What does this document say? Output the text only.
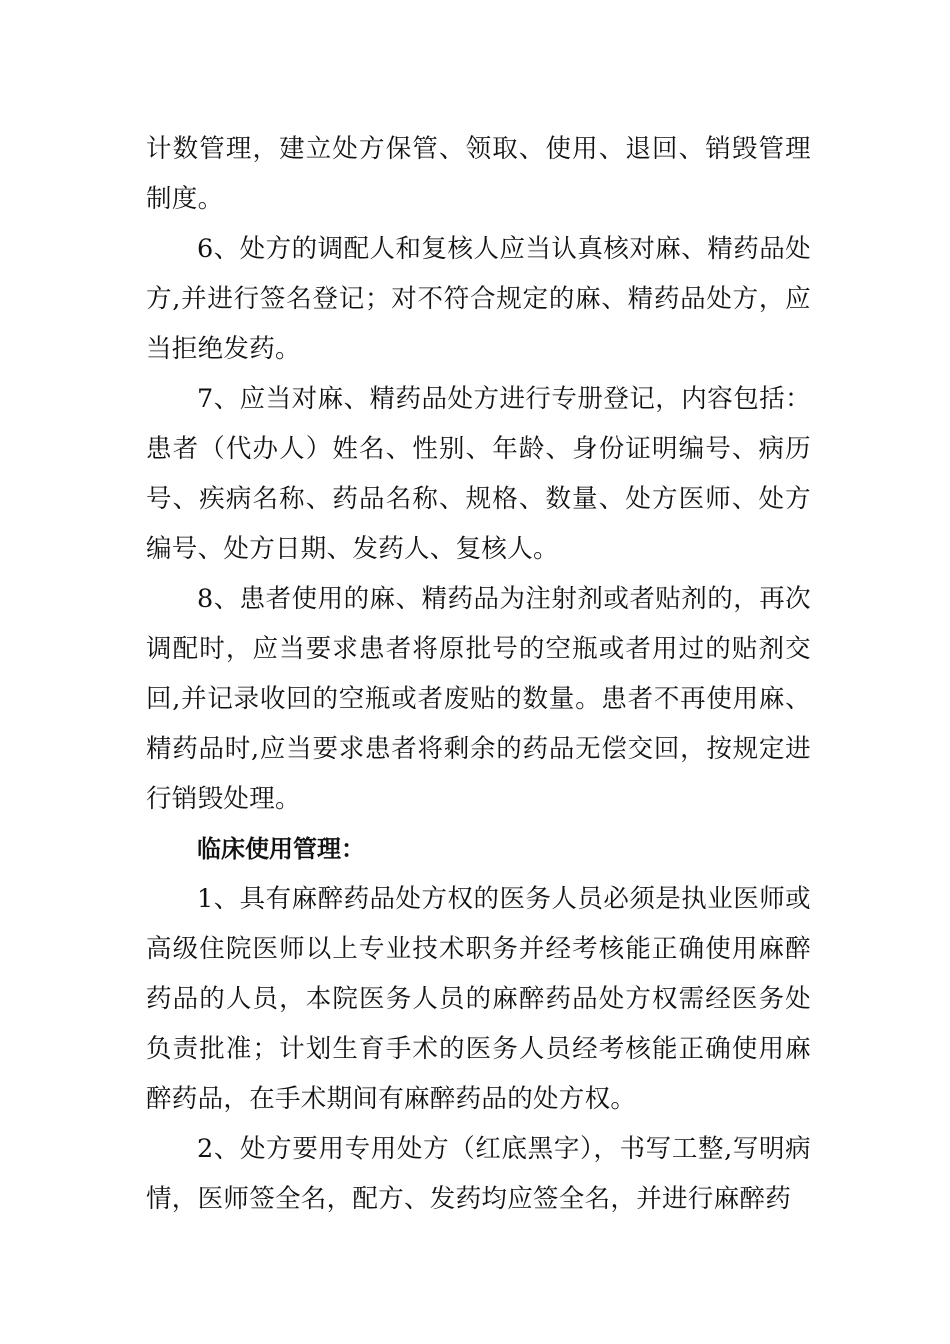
计数管理，建立处方保管、领取、使用、退回、销毁管理制度。

6、处方的调配人和复核人应当认真核对麻、精药品处方,并进行签名登记；对不符合规定的麻、精药品处方，应当拒绝发药。

7、应当对麻、精药品处方进行专册登记，内容包括：患者（代办人）姓名、性别、年龄、身份证明编号、病历号、疾病名称、药品名称、规格、数量、处方医师、处方编号、处方日期、发药人、复核人。

8、患者使用的麻、精药品为注射剂或者贴剂的，再次调配时，应当要求患者将原批号的空瓶或者用过的贴剂交回,并记录收回的空瓶或者废贴的数量。患者不再使用麻、精药品时,应当要求患者将剩余的药品无偿交回，按规定进行销毁处理。

临床使用管理：

1、具有麻醉药品处方权的医务人员必须是执业医师或高级住院医师以上专业技术职务并经考核能正确使用麻醉药品的人员，本院医务人员的麻醉药品处方权需经医务处负责批准；计划生育手术的医务人员经考核能正确使用麻醉药品，在手术期间有麻醉药品的处方权。

2、处方要用专用处方（红底黑字），书写工整,写明病情，医师签全名，配方、发药均应签全名，并进行麻醉药
